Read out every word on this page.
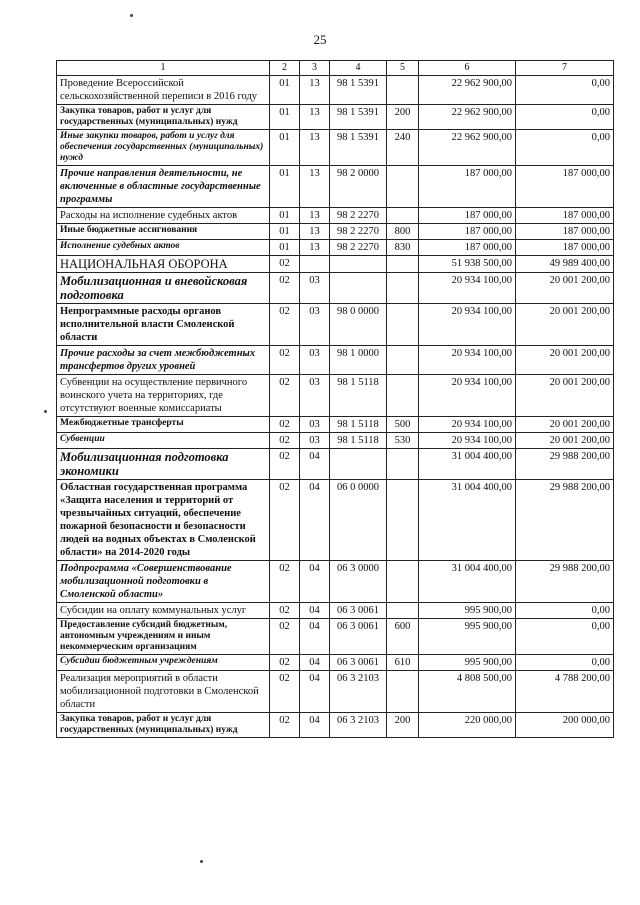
25
1	2	3	4	5	6	7
Проведение Всероссийской сельскохозяйственной переписи в 2016 году	01	13	98 1 5391		22 962 900,00	0,00
Закупка товаров, работ и услуг для государственных (муниципальных) нужд	01	13	98 1 5391	200	22 962 900,00	0,00
Иные закупки товаров, работ и услуг для обеспечения государственных (муниципальных) нужд	01	13	98 1 5391	240	22 962 900,00	0,00
Прочие направления деятельности, не включенные в областные государственные программы	01	13	98 2 0000		187 000,00	187 000,00
Расходы на исполнение судебных актов	01	13	98 2 2270		187 000,00	187 000,00
Иные бюджетные ассигнования	01	13	98 2 2270	800	187 000,00	187 000,00
Исполнение судебных актов	01	13	98 2 2270	830	187 000,00	187 000,00
НАЦИОНАЛЬНАЯ ОБОРОНА	02				51 938 500,00	49 989 400,00
Мобилизационная и вневойсковая подготовка	02	03			20 934 100,00	20 001 200,00
Непрограммные расходы органов исполнительной власти Смоленской области	02	03	98 0 0000		20 934 100,00	20 001 200,00
Прочие расходы за счет межбюджетных трансфертов других уровней	02	03	98 1 0000		20 934 100,00	20 001 200,00
Субвенции на осуществление первичного воинского учета на территориях, где отсутствуют военные комиссариаты	02	03	98 1 5118		20 934 100,00	20 001 200,00
Межбюджетные трансферты	02	03	98 1 5118	500	20 934 100,00	20 001 200,00
Субвенции	02	03	98 1 5118	530	20 934 100,00	20 001 200,00
Мобилизационная подготовка экономики	02	04			31 004 400,00	29 988 200,00
Областная государственная программа «Защита населения и территорий от чрезвычайных ситуаций, обеспечение пожарной безопасности и безопасности людей на водных объектах в Смоленской области» на 2014-2020 годы	02	04	06 0 0000		31 004 400,00	29 988 200,00
Подпрограмма «Совершенствование мобилизационной подготовки в Смоленской области»	02	04	06 3 0000		31 004 400,00	29 988 200,00
Субсидии на оплату коммунальных услуг	02	04	06 3 0061		995 900,00	0,00
Предоставление субсидий бюджетным, автономным учреждениям и иным некоммерческим организациям	02	04	06 3 0061	600	995 900,00	0,00
Субсидии бюджетным учреждениям	02	04	06 3 0061	610	995 900,00	0,00
Реализация мероприятий в области мобилизационной подготовки в Смоленской области	02	04	06 3 2103		4 808 500,00	4 788 200,00
Закупка товаров, работ и услуг для государственных (муниципальных) нужд	02	04	06 3 2103	200	220 000,00	200 000,00
